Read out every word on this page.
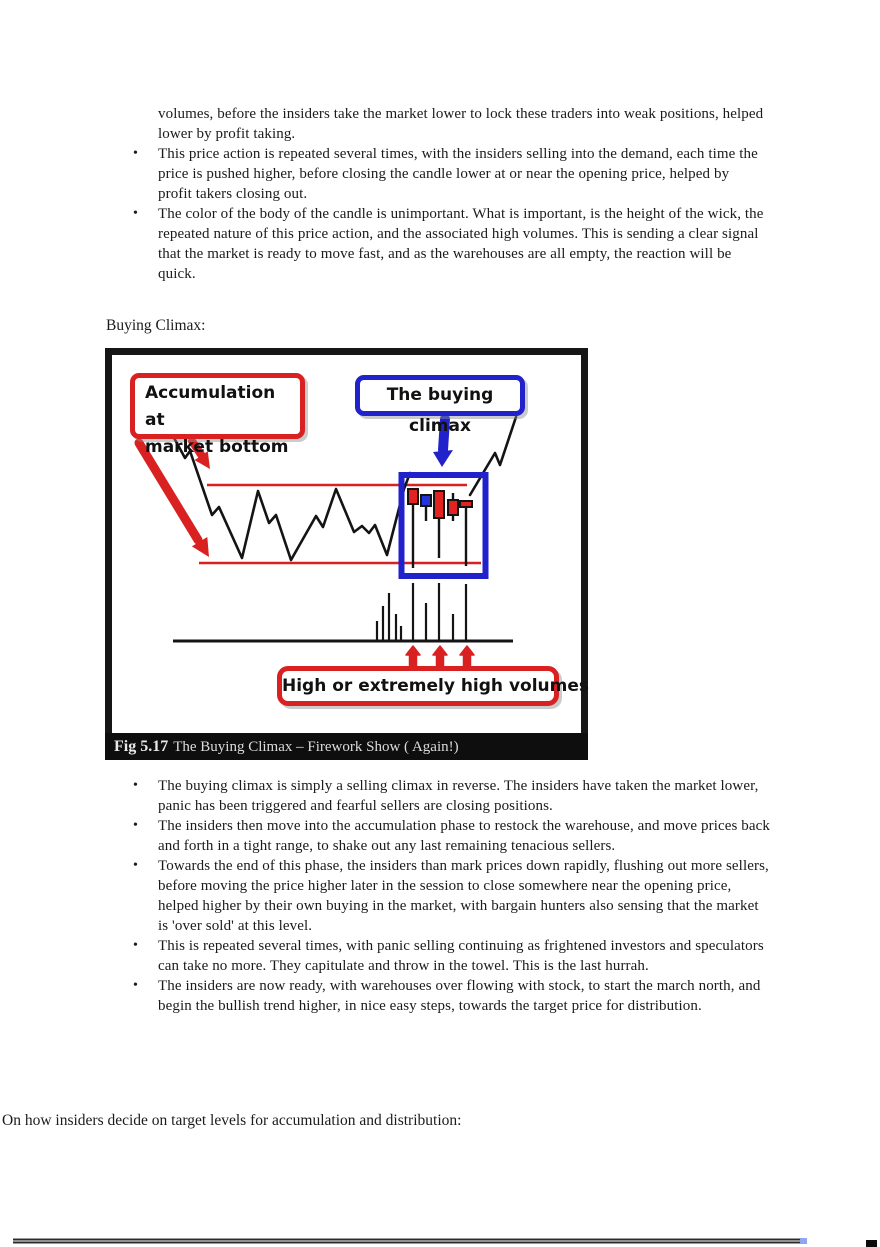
volumes, before the insiders take the market lower to lock these traders into weak positions, helped lower by profit taking.

• This price action is repeated several times, with the insiders selling into the demand, each time the price is pushed higher, before closing the candle lower at or near the opening price, helped by profit takers closing out.
• The color of the body of the candle is unimportant. What is important, is the height of the wick, the repeated nature of this price action, and the associated high volumes. This is sending a clear signal that the market is ready to move fast, and as the warehouses are all empty, the reaction will be quick.
Buying Climax:
Accumulation at
market bottom
The buying climax
High or extremely high volumes
Fig 5.17 The Buying Climax – Firework Show ( Again!)
• The buying climax is simply a selling climax in reverse. The insiders have taken the market lower, panic has been triggered and fearful sellers are closing positions.
• The insiders then move into the accumulation phase to restock the warehouse, and move prices back and forth in a tight range, to shake out any last remaining tenacious sellers.
• Towards the end of this phase, the insiders than mark prices down rapidly, flushing out more sellers, before moving the price higher later in the session to close somewhere near the opening price, helped higher by their own buying in the market, with bargain hunters also sensing that the market is 'over sold' at this level.
• This is repeated several times, with panic selling continuing as frightened investors and speculators can take no more. They capitulate and throw in the towel. This is the last hurrah.
• The insiders are now ready, with warehouses over flowing with stock, to start the march north, and begin the bullish trend higher, in nice easy steps, towards the target price for distribution.
On how insiders decide on target levels for accumulation and distribution:
